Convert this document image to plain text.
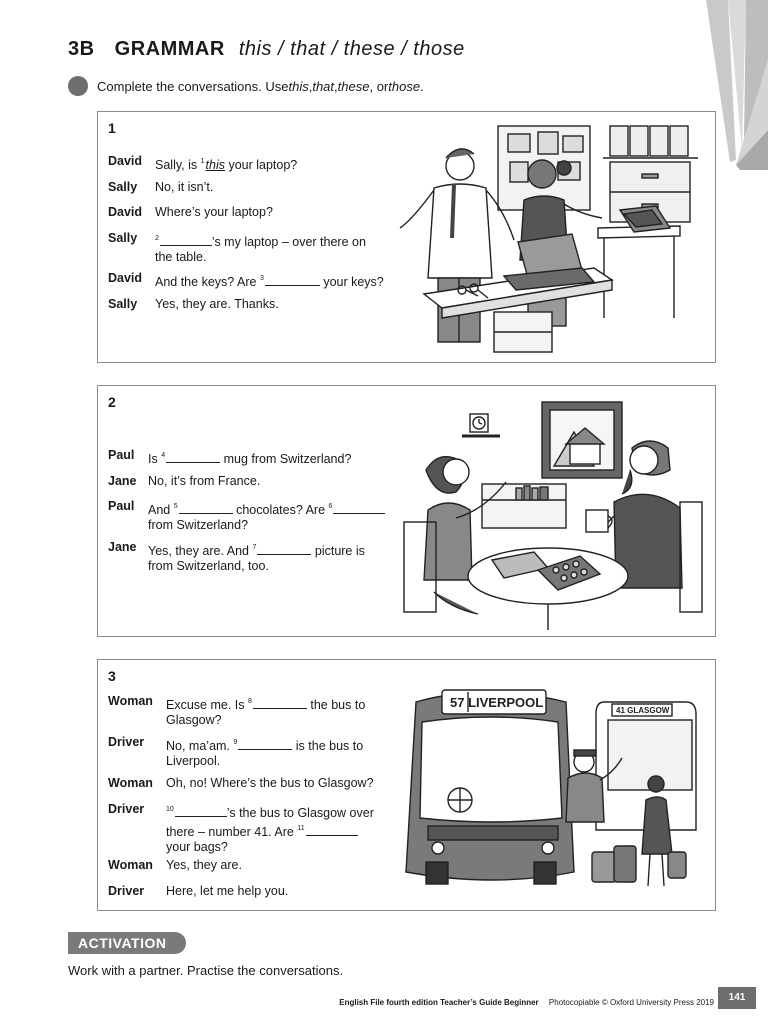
3B GRAMMAR this / that / these / those
Complete the conversations. Use this , that , these , or those .
1
David	Sally, is $^1$this your laptop?
Sally	No, it isn’t.
David	Where’s your laptop?
Sally	$^2$	’s my laptop – over there on
the table.
David	And the keys? Are $^3$	your keys?
Sally	Yes, they are. Thanks.
2
Paul	Is $^4$	mug from Switzerland?
Jane No, it’s from France.
Paul	And $^5$	chocolates? Are $^6$
from Switzerland?
Jane Yes, they are. And $^7$	picture is
from Switzerland, too.
3
Woman	Excuse me. Is $^8$	the bus to
Glasgow?
Driver	No, ma’am. $^9$	is the bus to
Liverpool.
Woman	Oh, no! Where’s the bus to Glasgow?
Driver	$^{10}$	’s the bus to Glasgow over
there – number 41. Are $^{11}$
your bags?
Woman	Yes, they are.
Driver	Here, let me help you.
57 LIVERPOOL
41 GLASGOW
ACTIVATION
Work with a partner. Practise the conversations.
English File fourth edition Teacher’s Guide Beginner Photocopiable © Oxford University Press 2019	141
